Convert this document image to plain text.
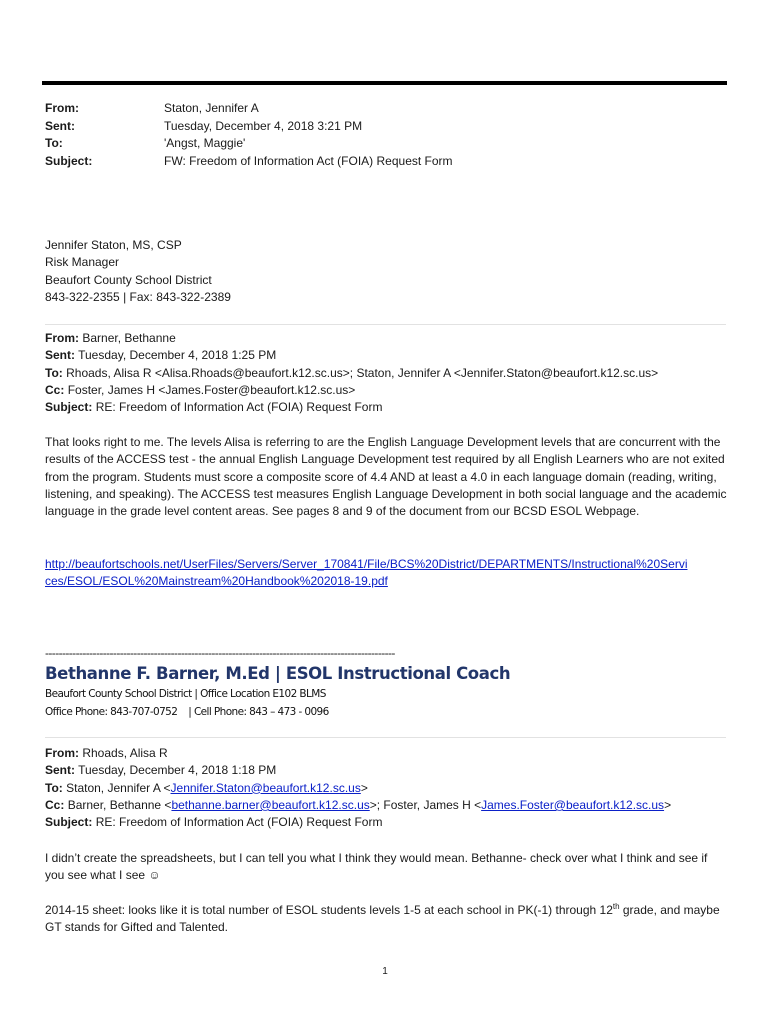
From:	Staton, Jennifer A
Sent:	Tuesday, December 4, 2018 3:21 PM
To:	'Angst, Maggie'
Subject:	FW: Freedom of Information Act (FOIA) Request Form
Jennifer Staton, MS, CSP
Risk Manager
Beaufort County School District
843-322-2355 | Fax: 843-322-2389
From: Barner, Bethanne
Sent: Tuesday, December 4, 2018 1:25 PM
To: Rhoads, Alisa R <Alisa.Rhoads@beaufort.k12.sc.us>; Staton, Jennifer A <Jennifer.Staton@beaufort.k12.sc.us>
Cc: Foster, James H <James.Foster@beaufort.k12.sc.us>
Subject: RE: Freedom of Information Act (FOIA) Request Form
That looks right to me. The levels Alisa is referring to are the English Language Development levels that are concurrent with the results of the ACCESS test - the annual English Language Development test required by all English Learners who are not exited from the program. Students must score a composite score of 4.4 AND at least a 4.0 in each language domain (reading, writing, listening, and speaking). The ACCESS test measures English Language Development in both social language and the academic language in the grade level content areas. See pages 8 and 9 of the document from our BCSD ESOL Webpage.
http://beaufortschools.net/UserFiles/Servers/Server_170841/File/BCS%20District/DEPARTMENTS/Instructional%20Servi
ces/ESOL/ESOL%20Mainstream%20Handbook%202018-19.pdf
-------------------------------------------------------------------------------------------------------
Bethanne F. Barner, M.Ed | ESOL Instructional Coach
Beaufort County School District | Office Location E102 BLMS
Office Phone: 843-707-0752    | Cell Phone: 843 – 473 - 0096
From: Rhoads, Alisa R
Sent: Tuesday, December 4, 2018 1:18 PM
To: Staton, Jennifer A <Jennifer.Staton@beaufort.k12.sc.us>
Cc: Barner, Bethanne <bethanne.barner@beaufort.k12.sc.us>; Foster, James H <James.Foster@beaufort.k12.sc.us>
Subject: RE: Freedom of Information Act (FOIA) Request Form
I didn’t create the spreadsheets, but I can tell you what I think they would mean. Bethanne- check over what I think and see if you see what I see ☺
2014-15 sheet: looks like it is total number of ESOL students levels 1-5 at each school in PK(-1) through 12th grade, and maybe GT stands for Gifted and Talented.
1
